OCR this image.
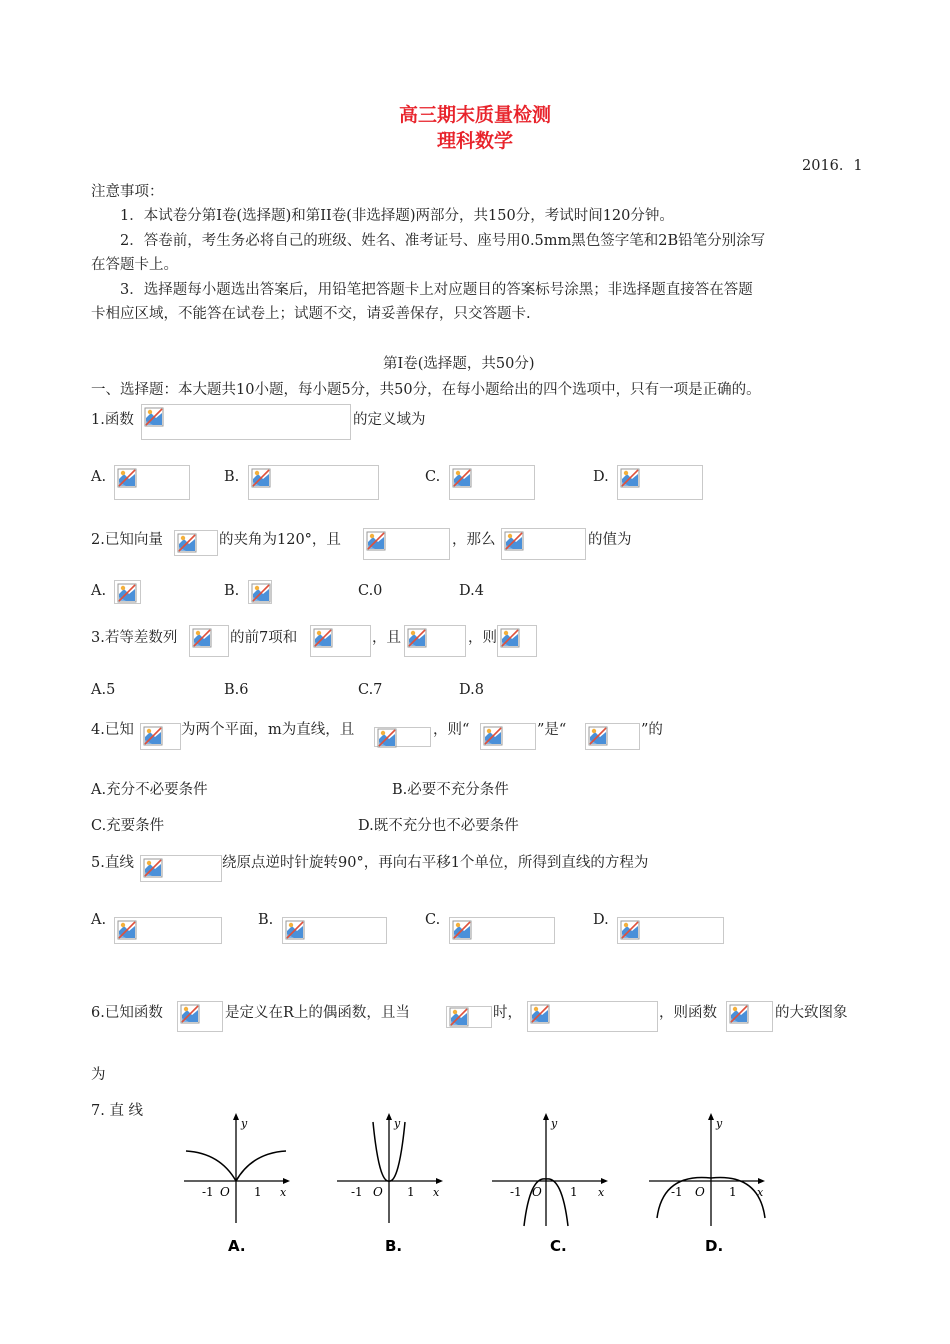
高三期末质量检测
理科数学
2016．1
注意事项：
1．本试卷分第I卷(选择题)和第II卷(非选择题)两部分，共150分，考试时间120分钟。
2．答卷前，考生务必将自己的班级、姓名、准考证号、座号用0.5mm黑色签字笔和2B铅笔分别涂写
在答题卡上。
3．选择题每小题选出答案后，用铅笔把答题卡上对应题目的答案标号涂黑；非选择题直接答在答题
卡相应区域，不能答在试卷上；试题不交，请妥善保存，只交答题卡.
第I卷(选择题，共50分)
一、选择题：本大题共10小题，每小题5分，共50分，在每小题给出的四个选项中，只有一项是正确的。
1.函数	的定义域为
A.	B.	C.	D.
2.已知向量	的夹角为120°，且	，那么	的值为
A.	B.	C.0	D.4
3.若等差数列	的前7项和	，且	，则
A.5	B.6	C.7	D.8
4.已知	为两个平面，m为直线，且	，则“	”是“	”的
A.充分不必要条件	B.必要不充分条件
C.充要条件	D.既不充分也不必要条件
5.直线	绕原点逆时针旋转90°，再向右平移1个单位，所得到直线的方程为
A.	B.	C.	D.
6.已知函数	是定义在R上的偶函数，且当	时，	，则函数	的大致图象
为
7. 直 线
y
x
-1 O 1
A.
y
x
-1 O 1
B.
y
x
-1 O 1
C.
y
x
-1 O 1
D.
